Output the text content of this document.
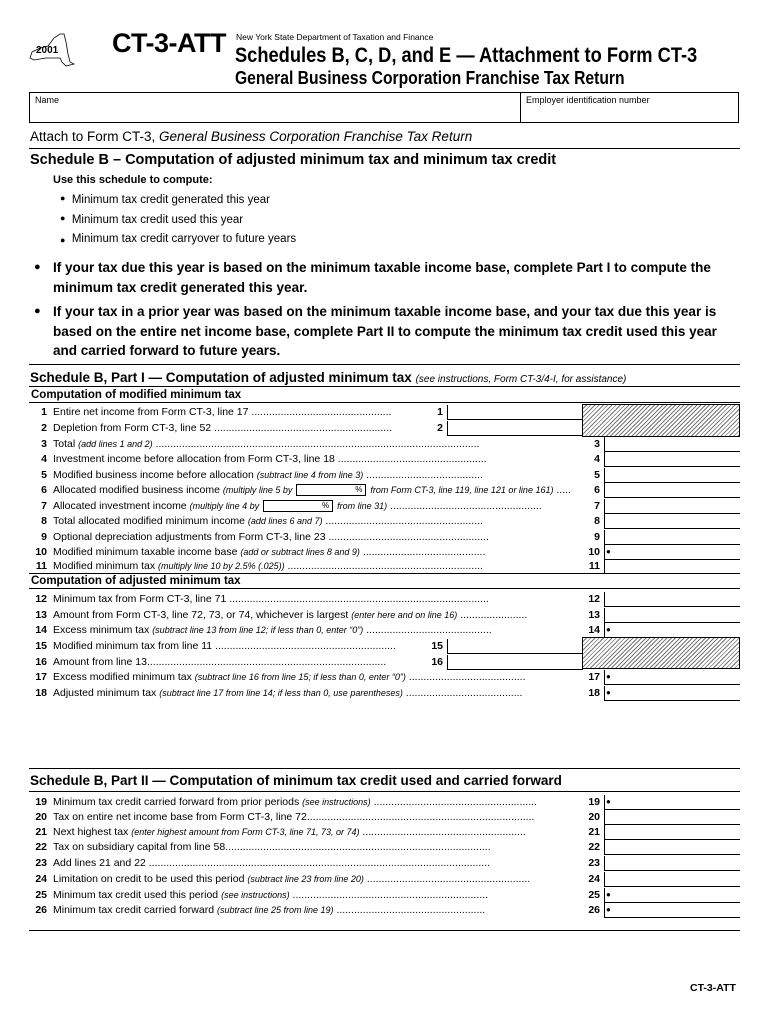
2001 CT-3-ATT New York State Department of Taxation and Finance
Schedules B, C, D, and E — Attachment to Form CT-3
General Business Corporation Franchise Tax Return
Name	Employer identification number
Attach to Form CT-3, General Business Corporation Franchise Tax Return
Schedule B – Computation of adjusted minimum tax and minimum tax credit
Use this schedule to compute:
● Minimum tax credit generated this year
● Minimum tax credit used this year
● Minimum tax credit carryover to future years
● If your tax due this year is based on the minimum taxable income base, complete Part I to compute the minimum tax credit generated this year.
● If your tax in a prior year was based on the minimum taxable income base, and your tax due this year is based on the entire net income base, complete Part II to compute the minimum tax credit used this year and carried forward to future years.
Schedule B, Part I — Computation of adjusted minimum tax (see instructions, Form CT-3/4-I, for assistance)
Computation of modified minimum tax
1 Entire net income from Form CT-3, line 17 ................................................	1
2 Depletion from Form CT-3, line 52 .............................................................	2
3 Total (add lines 1 and 2) ...............................................................................................................	3
4 Investment income before allocation from Form CT-3, line 18 ...................................................	4
5 Modified business income before allocation (subtract line 4 from line 3) ........................................	5
6 Allocated modified business income (multiply line 5 by	% from Form CT-3, line 119, line 121 or line 161) .....	6
7 Allocated investment income (multiply line 4 by	% from line 31) ....................................................	7
8 Total allocated modified minimum income (add lines 6 and 7) ......................................................	8
9 Optional depreciation adjustments from Form CT-3, line 23 .......................................................	9
10 Modified minimum taxable income base (add or subtract lines 8 and 9) ..........................................	10 ●
11 Modified minimum tax (multiply line 10 by 2.5% (.025)) ...................................................................	11
12 Minimum tax from Form CT-3, line 71 .........................................................................................	12
13 Amount from Form CT-3, line 72, 73, or 74, whichever is largest (enter here and on line 16) .......................	13
14 Excess minimum tax (subtract line 13 from line 12; if less than 0, enter “0”) ...........................................	14 ●
15 Modified minimum tax from line 11 ..............................................................	15
16 Amount from line 13..................................................................................	16
17 Excess modified minimum tax (subtract line 16 from line 15; if less than 0, enter “0”) ........................................	17 ●
18 Adjusted minimum tax (subtract line 17 from line 14; if less than 0, use parentheses) ........................................	18 ●
Computation of adjusted minimum tax
Schedule B, Part II — Computation of minimum tax credit used and carried forward
19 Minimum tax credit carried forward from prior periods (see instructions) ........................................................	19 ●
20 Tax on entire net income base from Form CT-3, line 72..............................................................................	20
21 Next highest tax (enter highest amount from Form CT-3, line 71, 73, or 74) ........................................................	21
22 Tax on subsidiary capital from line 58...........................................................................................	22
23 Add lines 21 and 22 .....................................................................................................................	23
24 Limitation on credit to be used this period (subtract line 23 from line 20) ........................................................	24
25 Minimum tax credit used this period (see instructions) ...................................................................	25 ●
26 Minimum tax credit carried forward (subtract line 25 from line 19) ...................................................	26 ●
CT-3-ATT
